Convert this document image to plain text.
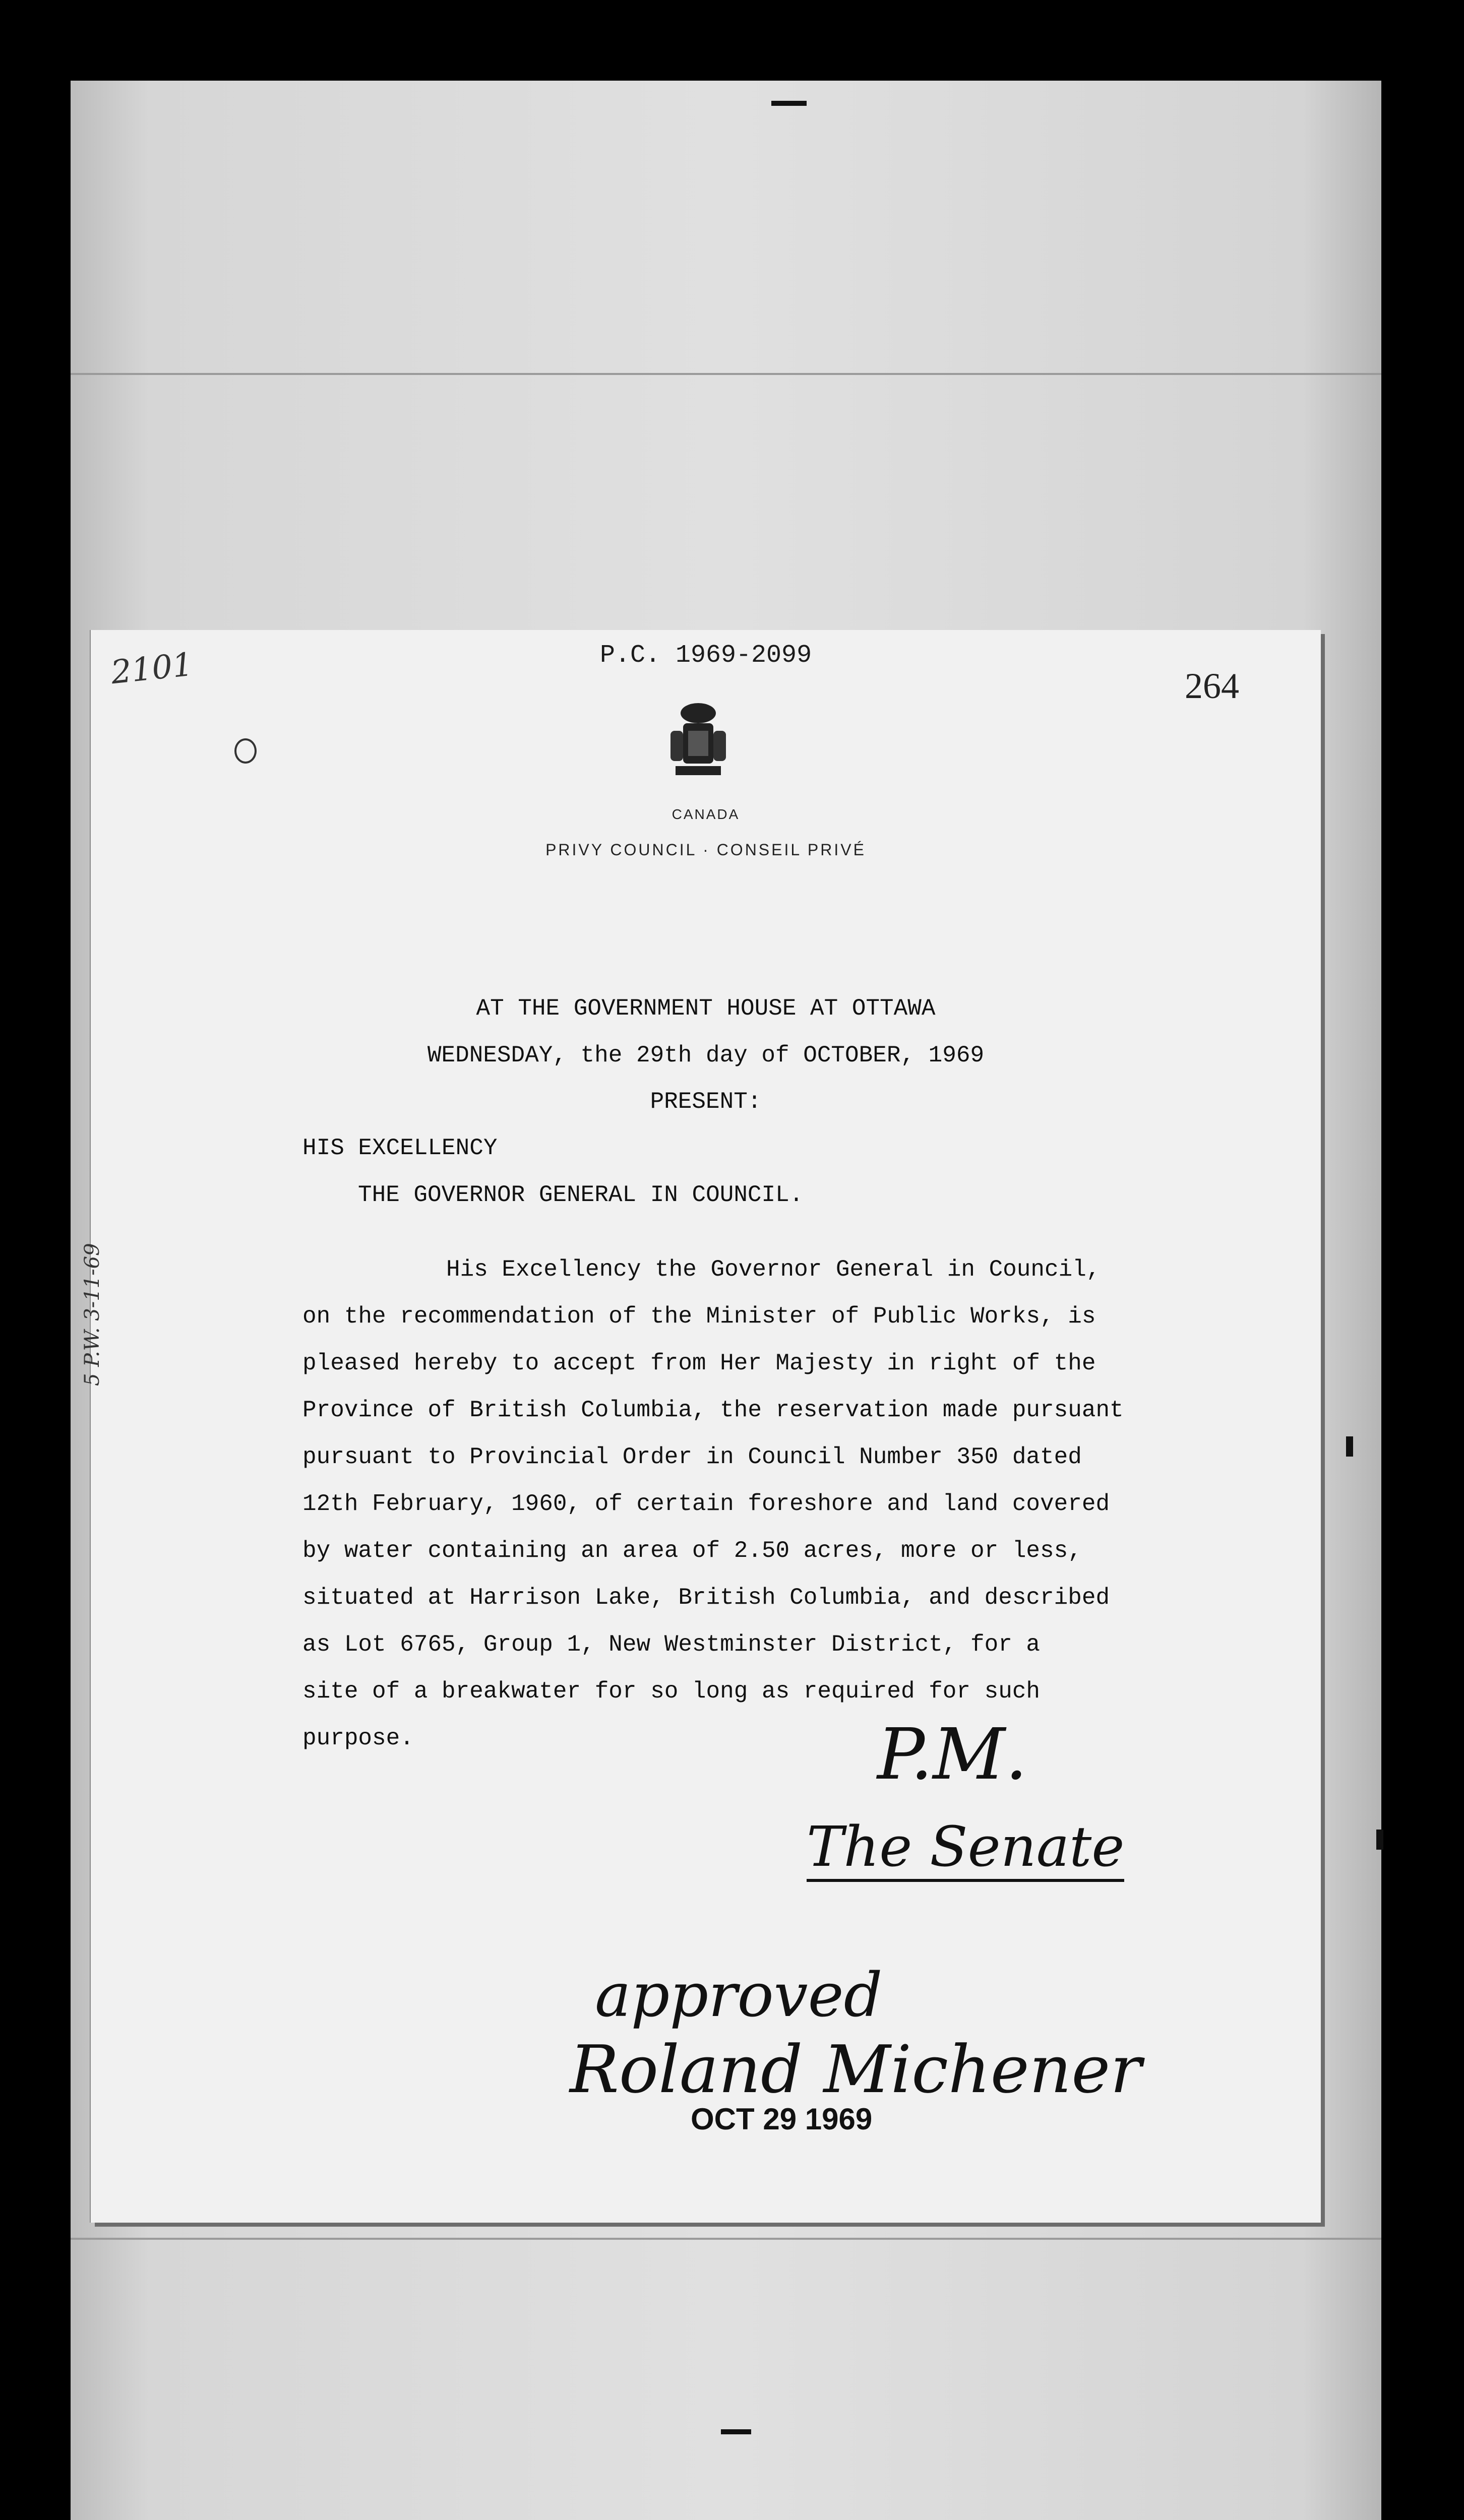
2101	P.C. 1969-2099
264
CANADA
PRIVY COUNCIL · CONSEIL PRIVÉ
5 P.W. 3-11-69
AT THE GOVERNMENT HOUSE AT OTTAWA
WEDNESDAY, the 29th day of OCTOBER, 1969
PRESENT:
HIS EXCELLENCY
THE GOVERNOR GENERAL IN COUNCIL.
His Excellency the Governor General in Council,
on the recommendation of the Minister of Public Works, is
pleased hereby to accept from Her Majesty in right of the
Province of British Columbia, the reservation made pursuant
pursuant to Provincial Order in Council Number 350 dated
12th February, 1960, of certain foreshore and land covered
by water containing an area of 2.50 acres, more or less,
situated at Harrison Lake, British Columbia, and described
as Lot 6765, Group 1, New Westminster District, for a
site of a breakwater for so long as required for such
purpose.	P.M.
The Senate
approved
Roland Michener
OCT 29 1969
